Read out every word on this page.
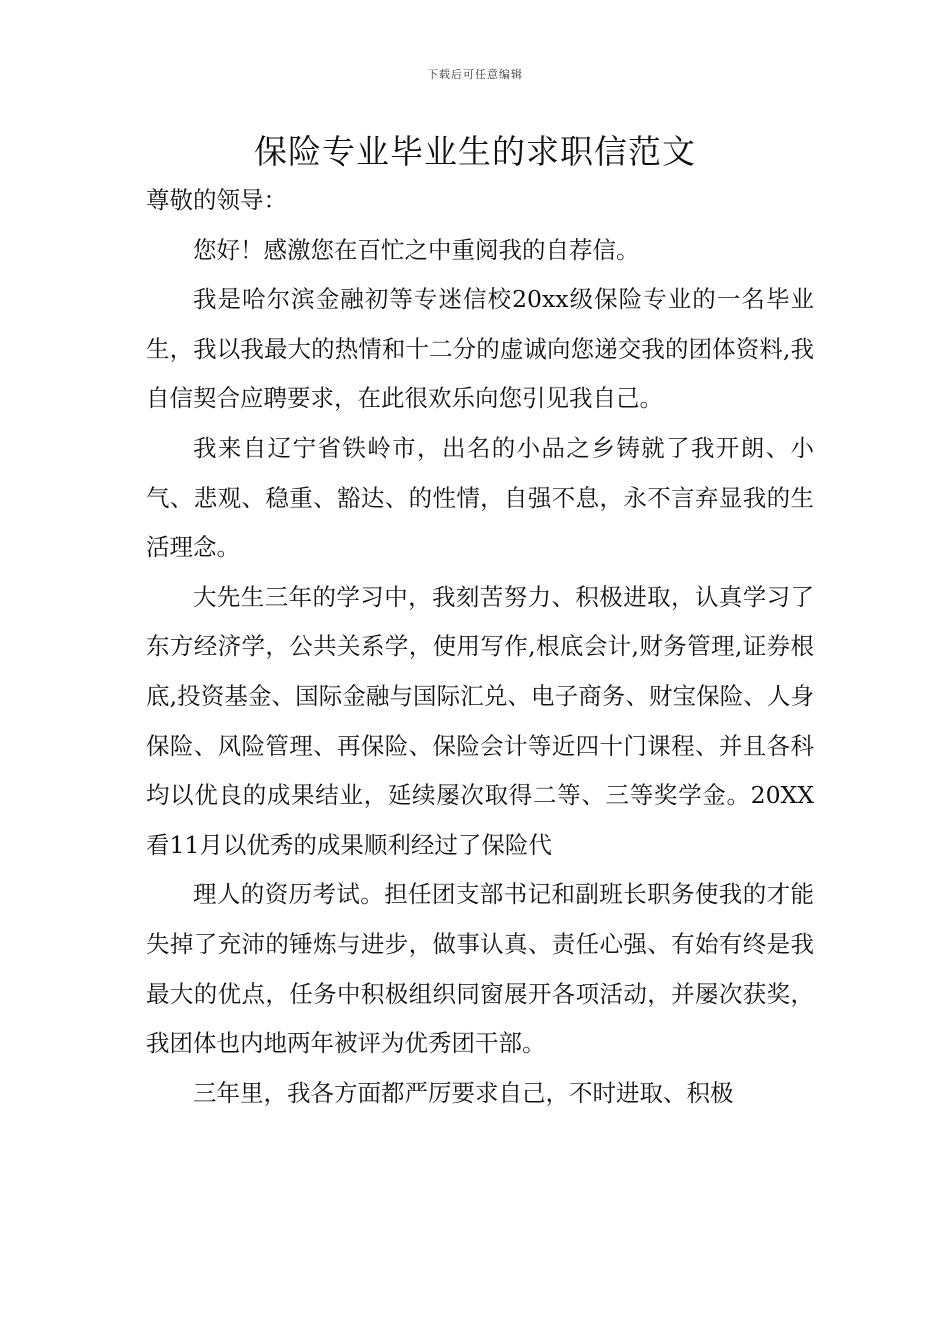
下载后可任意编辑
保险专业毕业生的求职信范文

尊敬的领导：

您好！感激您在百忙之中重阅我的自荐信。

我是哈尔滨金融初等专迷信校20xx级保险专业的一名毕业生，我以我最大的热情和十二分的虚诚向您递交我的团体资料,我自信契合应聘要求，在此很欢乐向您引见我自己。

我来自辽宁省铁岭市，出名的小品之乡铸就了我开朗、小气、悲观、稳重、豁达、的性情，自强不息，永不言弃显我的生活理念。

大先生三年的学习中，我刻苦努力、积极进取，认真学习了东方经济学，公共关系学，使用写作,根底会计,财务管理,证券根底,投资基金、国际金融与国际汇兑、电子商务、财宝保险、人身保险、风险管理、再保险、保险会计等近四十门课程、并且各科均以优良的成果结业，延续屡次取得二等、三等奖学金。20XX看11月以优秀的成果顺利经过了保险代

理人的资历考试。担任团支部书记和副班长职务使我的才能失掉了充沛的锤炼与进步，做事认真、责任心强、有始有终是我最大的优点，任务中积极组织同窗展开各项活动，并屡次获奖，我团体也内地两年被评为优秀团干部。

三年里，我各方面都严厉要求自己，不时进取、积极
